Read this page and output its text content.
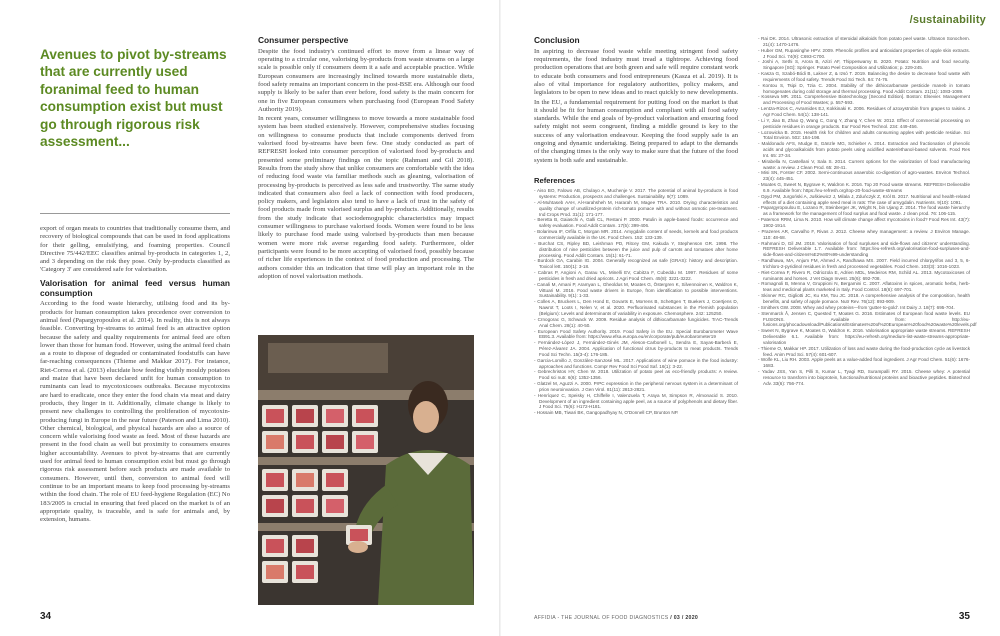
/sustainability
Avenues to pivot by-streams that are currently used foranimal feed to human consumption exist but must go through rigorous risk assessment...

export of organ meats to countries that traditionally consume them, and recovery of biological compounds that can be used in food applications for their gelling, emulsifying, and foaming properties. Council Directive 75/442/EEC classifies animal by-products in categories 1, 2, and 3 depending on the risk they pose. Only by-products classified as 'Category 3' are considered safe for valorisation.

Valorisation for animal feed versus human consumption

According to the food waste hierarchy, utilising food and its by-products for human consumption takes precedence over conversion to animal feed (Papargyropoulou et al. 2014). In reality, this is not always feasible. Converting by-streams to animal feed is an attractive option because the safety and quality requirements for animal feed are often lower than those for human food. However, using the animal feed chain as a route to dispose of degraded or contaminated foodstuffs can have far-reaching consequences (Thieme and Makkar 2017). For instance, Riet-Correa et al. (2013) elucidate how feeding visibly mouldy potatoes and maize that have been declared unfit for human consumption to ruminants can lead to mycotoxicoses outbreaks. Because mycotoxins are hard to eradicate, once they enter the food chain via meat and dairy products, they linger in it. Additionally, climate change is likely to present new challenges to controlling the proliferation of mycotoxin-producing fungi in Europe in the near future (Paterson and Lima 2010). Other chemical, biological, and physical hazards are also a source of concern while valorising food waste as feed. Most of these hazards are present in the food chain as well but proximity to consumers ensures higher accountability. Avenues to pivot by-streams that are currently used for animal feed to human consumption exist but must go through rigorous risk assessment before such products are made available to consumers. However, until then, conversion to animal feed will continue to be an important means to keep food processing by-streams within the food chain. The role of EU feed-hygiene Regulation (EC) No 183/2005 is crucial in ensuring that feed placed on the market is of an appropriate quality, is traceable, and is safe for animals and, by extension, humans.

Consumer perspective

Despite the food industry's continued effort to move from a linear way of operating to a circular one, valorising by-products from waste streams on a large scale is possible only if consumers deem it a safe and acceptable practice. While European consumers are increasingly inclined towards more sustainable diets, food safety remains an important concern in the post-BSE era. Although our food supply is likely to be safer than ever before, food safety is the main concern for one in five European consumers when purchasing food (European Food Safety Authority 2019).

In recent years, consumer willingness to move towards a more sustainable food system has been studied extensively. However, comprehensive studies focusing on willingness to consume products that include components derived from valorised food by-streams have been few. One study conducted as part of REFRESH looked into consumer perception of valorised food by-products and presented some preliminary findings on the topic (Rahmani and Gil 2018). Results from the study show that unlike consumers are comfortable with the idea of reducing food waste via familiar methods such as gleaning, valorisation of processing by-products is perceived as less safe and trustworthy. The same study indicated that consumers also feel a lack of connection with food producers, policy makers, and legislators also tend to have a lack of trust in the safety of food products made from valorised surplus and by-products. Additionally, results from the study indicate that sociodemographic characteristics may impact consumer willingness to purchase valorised foods. Women were found to be less likely to purchase food made using valorised by-products than men because women were more risk averse regarding food safety. Furthermore, older participants were found to be more accepting of valorised food, possibly because of richer life experiences in the context of food production and processing. The authors consider this an indication that time will play an important role in the adoption of novel valorisation methods.

34
Conclusion

In aspiring to decrease food waste while meeting stringent food safety requirements, the food industry must tread a tightrope. Achieving food production operations that are both green and safe will require constant work to educate both consumers and food entrepreneurs (Kasza et al. 2019). It is also of vital importance for regulatory authorities, policy makers, and legislators to be open to new ideas and to react quickly to new developments.

In the EU, a fundamental requirement for putting food on the market is that it should be fit for human consumption and compliant with all food safety standards. While the end goals of by-product valorisation and ensuring food safety might not seem congruent, finding a middle ground is key to the success of any valorisation endeavour. Keeping the food supply safe is an ongoing and dynamic undertaking. Being prepared to adapt to the demands of the changing times is the only way to make sure that the future of the food system is both safe and sustainable.

References
- Aiso BO, Falowo AB, Chulayo A, Muchenje V. 2017. The potential of animal by-products in food systems: Production, prospects and challenges. Sustainability. 9(7): 1089.
- Al-Muhtaseb AAH, Al-Harahsheh M, Hararah M, Magee TRA. 2010. Drying characteristics and quality change of unutilized-protein rich-tomato pomace with and without osmotic pre-treatment. Ind Crops Prod. 31(1): 171-177.
- Beretta B, Gaiaschi A, Galli CL, Restani P. 2000. Patulin in apple-based foods: occurrence and safety evaluation. Food Addit Contam. 17(5): 399-406.
- Bolarinwa IF, Orfila C, Morgan MR. 2014. Amygdalin content of seeds, kernels and food products commercially available in the UK. Food Chem. 152: 133-139.
- Burchat CS, Ripley BD, Leishman PD, Ritcey GM, Kakuda Y, Stephenson GR. 1998. The distribution of nine pesticides between the juice and pulp of carrots and tomatoes after home processing. Food Addit Contam. 15(1): 61-71.
- Burdock GA, Carabin IG. 2004. Generally recognized as safe (GRAS): history and description. Toxicol lett. 150(1): 3-18.
- Cabras P, Angioni A, Garau VL, Minelli EV, Cabitza F, Cubeddu M. 1997. Residues of some pesticides in fresh and dried apricots. J Agri Food Chem. 45(8): 3221-3222.
- Canali M, Amani P, Aramyan L, Gheoldus M, Moates G, Östergren K, Silvennoinen K, Waldron K, Vittuari M. 2016. Food waste drivers in Europe, from identification to possible interventions. Sustainability. 9(1): 1-33.
- Colles A, Bruckers L, Den Hond E, Govarts E, Morrens B, Schettgen T, Buekers J, Coertjens D, Nawrot T, Loots I, Nelen V, et al. 2020. Perfluorinated substances in the Flemish population (Belgium): Levels and determinants of variability in exposure. Chemosphere. 242: 125250.
- Crnogorac G, Schwack W. 2009. Residue analysis of dithiocarbamate fungicides. TrAC-Trends Anal Chem. 28(1): 40-50.
- European Food Safety Authority. 2019. Food Safety in the EU. Special Eurobarometer Wave EB91.3. Available from: https://www.efsa.europa.eu/en/corporate/pub/eurobarometer19
- Fernández-López J, Fernández-Ginés JM, Aleson-Carbonell L, Sendra E, Sayas-Barberá E, Pérez-Alvarez JA. 2004. Application of functional citrus by-products to meat products. Trends Food Sci Techn. 15(3-4): 176-185.
- Garcia-Lomillo J, González-SanJosé ML. 2017. Applications of wine pomace in the food industry: approaches and functions. Compr Rev Food Sci Food Saf. 16(1): 3-22.
- Gebrechristos HY, Chen W. 2018. Utilization of potato peel as eco-friendly products: A review. Food sci nutr. 6(6): 1352-1356.
- Glatzel M, Aguzzi A. 2000. PrPC expression in the peripheral nervous system is a determinant of prion neuroinvasion. J Gen Virol. 81(11): 2813-2821.
- Henríquez C, Speisky H, Chiffelle I, Valenzuela T, Araya M, Simpson R, Almonacid S. 2010. Development of an ingredient containing apple peel, as a source of polyphenols and dietary fiber. J Food Sci. 75(6): H172-H181.
- Hossain MB, Tiwari BK, Gangopadhyay N, O'Donnell CP, Brunton NP.
- Rai DK. 2014. Ultrasonic extraction of steroidal alkaloids from potato peel waste. Ultrason Sonochem. 21(4): 1470-1476.
- Huber GM, Rupasinghe HPV. 2009. Phenolic profiles and antioxidant properties of apple skin extracts. J Food Sci. 74(9): C693-C700.
- Joshi A, Sethi S, Arora B, Azizi AF, Thippeswamy B. 2020. Potato: Nutrition and food security. Singapore [SG]: Springer. Potato Peel Composition and Utilization; p. 229-245.
- Kasza G, Szabó-Bódi B, Lakner Z, & Izsó T. 2019. Balancing the desire to decrease food waste with requirements of food safety. Trends Food Sci Tech. 84: 74-76.
- Kontou S, Tsipi D, Tzia C. 2004. Stability of the dithiocarbamate pesticide maneb in tomato homogenates during cold storage and thermal processing. Food Addit Contam. 21(11): 1083-1089.
- Kosseva MR. 2011. Comprehensive Biotechnology [Second Edition]. Boston: Elsevier. Management and Processing of Food Wastes; p. 557-593.
- Lentza-Rizos C, Avramides EJ, Kokkinaki K. 2006. Residues of azoxystrobin from grapes to raisins. J Agr Food Chem. 54(1): 138-141.
- Li Y, Jiao B, Zhao Q, Wang C, Gong Y, Zhang Y, Chen W. 2012. Effect of commercial processing on pesticide residues in orange products. Eur Food Res Technol. 234: 449-456.
- Lozowicka B. 2015. Health risk for children and adults consuming apples with pesticide residue. Sci Total Environ. 502: 184-198.
- Maldonado AFS, Mudge E, Gänzle MG, Schieber A. 2014. Extraction and fractionation of phenolic acids and glycoalkaloids from potato peels using acidified water/ethanol-based solvents. Food Res Int. 65: 27-34.
- Mirabella N, Castellani V, Sala S. 2014. Current options for the valorization of food manufacturing waste: a review. J Clean Prod. 65: 28-41.
- Misi SN, Forster CF. 2002. Semi-continuous anaerobic co-digestion of agro-wastes. Environ Technol. 23(4): 445-451.
- Moates G, Sweet N, Bygrave K, Waldron K. 2016. Top 20 Food waste streams. REFRESH Deliverable 6.9. Available from: https://eu-refresh.org/top-20-food-waste-streams
- Opyd PM, Jurgoński A, Juśkiewicz J, Milala J, Zduńczyk Z, Król B. 2017. Nutritional and health-related effects of a diet containing apple seed meal in rats: The case of amygdalin. Nutrients. 9(10): 1091.
- Papargyropoulou E, Lozano R, Steinberger JK, Wright N, bin Ujang Z. 2014. The food waste hierarchy as a framework for the management of food surplus and food waste. J clean prod. 76: 106-115.
- Paterson RRM, Lima N. 2010. How will climate change affect mycotoxins in food? Food Res Int. 43(7): 1902-1914.
- Prazeres AR, Carvalho F, Rivas J. 2012. Cheese whey management: a review. J Environ Manage. 110: 48-68.
- Rahmani D, Gil JM. 2018. Valorisation of food surpluses and side-flows and citizens' understanding. REFRESH Deliverable 1.7. Available from: https://eu-refresh.org/valorisation-food-surpluses-and-side-flows-and-citizens%E2%80%99-understanding
- Randhawa, MA, Anjum FM, Ahmed A, Randhawa MS. 2007. Field incurred chlorpyrifos and 3, 5, 6-trichloro-2-pyridinol residues in fresh and processed vegetables. Food Chem. 103(3): 1016-1023.
- Riet-Correa F, Rivero R, Odriozola E, Adrien MDL, Medeiros RM, Schild AL. 2013. Mycotoxicoses of ruminants and horses. J Vet Diagn Invest. 25(6): 692-708.
- Romagnoli B, Menna V, Gruppioni N, Bergamini C. 2007. Aflatoxins in spices, aromatic herbs, herb-teas and medicinal plants marketed in Italy. Food Control. 18(6): 697-701.
- Skinner RC, Gigliotti JC, Ku KM, Tou JC. 2018. A comprehensive analysis of the composition, health benefits, and safety of apple pomace. Nutr Rev. 76(12): 893-909.
- Smithers GW. 2008. Whey and whey proteins—from 'gutter-to-gold'. Int Dairy J. 18(7): 695-704.
- Stenmarck Å, Jensen C, Quested T, Moates G. 2016. Estimates of European food waste levels. EU FUSIONS. Available from: http://eu-fusions.org/phocadownload/Publications/Estimates%20of%20European%20food%20waste%20levels.pdf
- Sweet N, Bygrave K, Moates G, Waldron K. 2016. Valorisation appropriate waste streams. REFRESH Deliverable 6.1. Available from: https://eu-refresh.org/medium-list-waste-streams-appropriate-valorisation
- Thieme O, Makkar HP. 2017. Utilization of loss and waste during the food-production cycle as livestock feed. Anim Prod Sci. 57(4): 601-607.
- Wolfe KL, Liu RH. 2003. Apple peels as a value-added food ingredient. J Agr Food Chem. 51(6): 1676-1683.
- Yadav JSS, Yan S, Pilli S, Kumar L, Tyagi RD, Surampalli RY. 2015. Cheese whey: A potential resource to transform into bioprotein, functional/nutritional proteins and bioactive peptides. Biotechnol Adv. 33(6): 756-774.
AFFIDIA - THE JOURNAL OF FOOD DIAGNOSTICS / 03 / 2020	35
